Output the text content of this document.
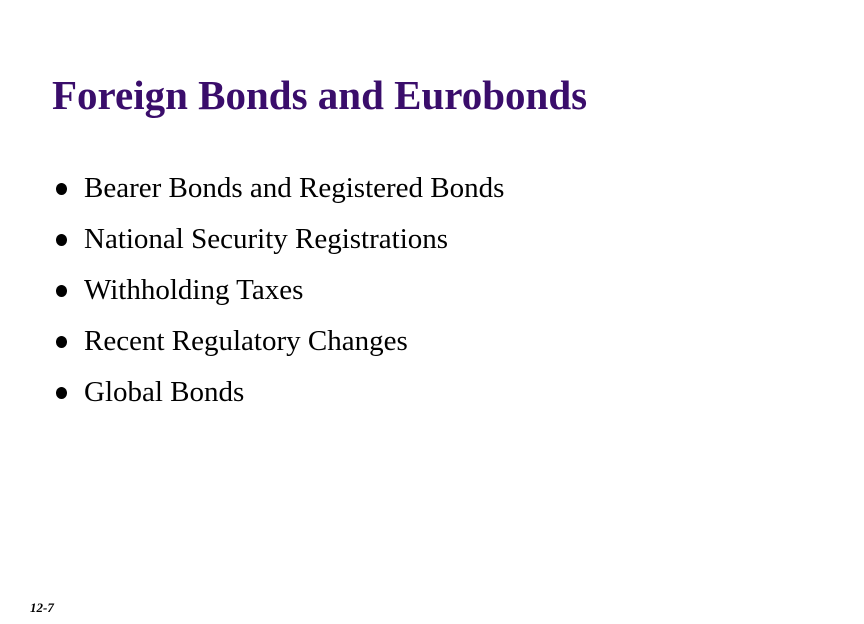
Foreign Bonds and Eurobonds
Bearer Bonds and Registered Bonds
National Security Registrations
Withholding Taxes
Recent Regulatory Changes
Global Bonds
12-7
